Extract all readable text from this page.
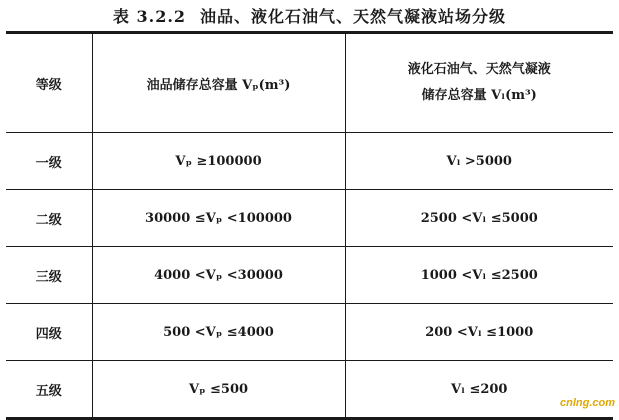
表 3.2.2 油品、液化石油气、天然气凝液站场分级
等级	油品储存总容量 Vₚ(m³)	液化石油气、天然气凝液
储存总容量 Vₗ(m³)

一级	Vₚ ≥100000	Vₗ >5000
二级	30000 ≤Vₚ <100000	2500 <Vₗ ≤5000
三级	4000 <Vₚ <30000	1000 <Vₗ ≤2500
四级	500 <Vₚ ≤4000	200 <Vₗ ≤1000
五级	Vₚ ≤500	Vₗ ≤200
cnlng.com
